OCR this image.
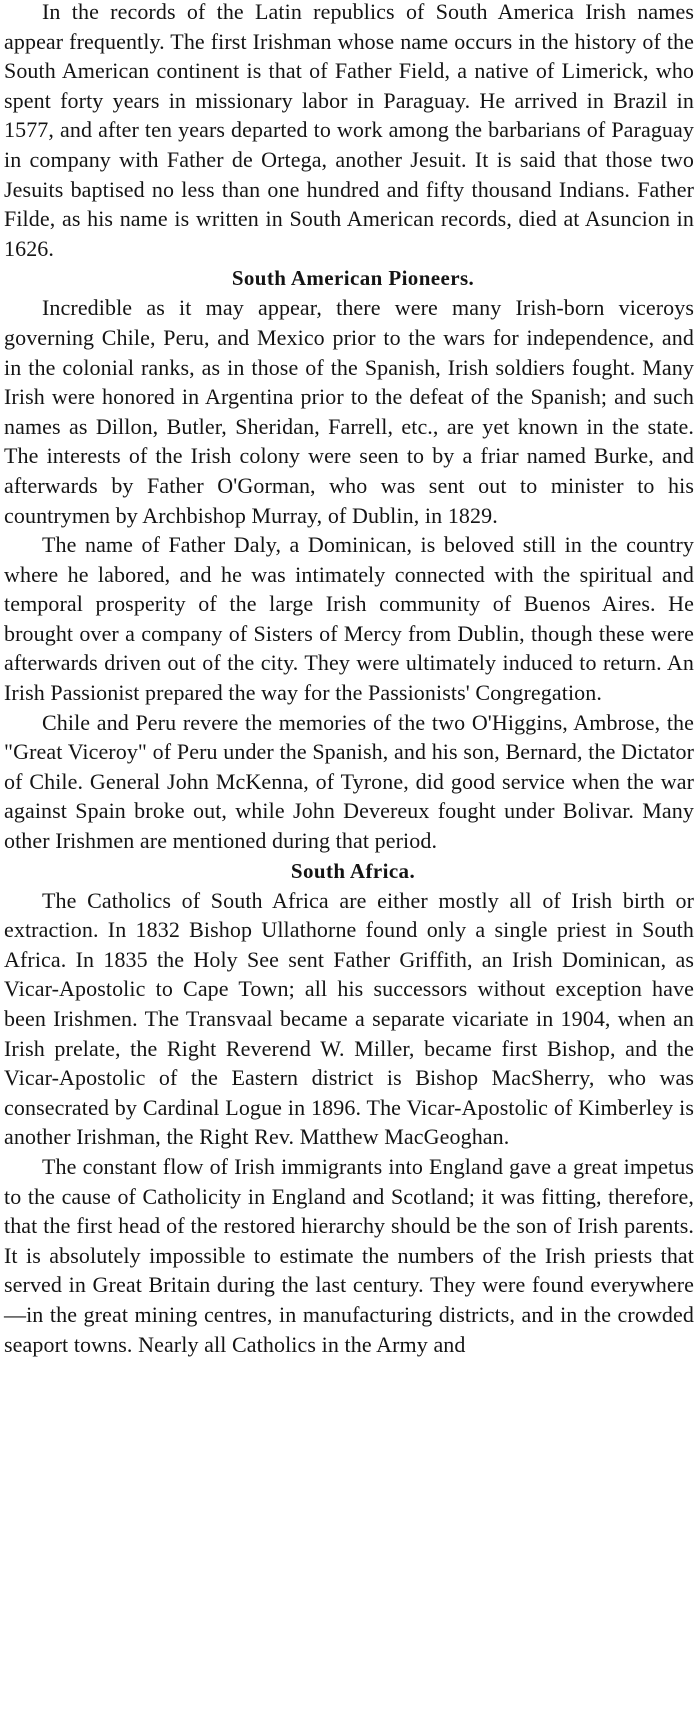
In the records of the Latin republics of South America Irish names appear frequently. The first Irishman whose name occurs in the history of the South American continent is that of Father Field, a native of Limerick, who spent forty years in missionary labor in Paraguay. He arrived in Brazil in 1577, and after ten years departed to work among the barbarians of Paraguay in company with Father de Ortega, another Jesuit. It is said that those two Jesuits baptised no less than one hundred and fifty thousand Indians. Father Filde, as his name is written in South American records, died at Asuncion in 1626.

South American Pioneers.

Incredible as it may appear, there were many Irish-born viceroys governing Chile, Peru, and Mexico prior to the wars for independence, and in the colonial ranks, as in those of the Spanish, Irish soldiers fought. Many Irish were honored in Argentina prior to the defeat of the Spanish; and such names as Dillon, Butler, Sheridan, Farrell, etc., are yet known in the state. The interests of the Irish colony were seen to by a friar named Burke, and afterwards by Father O'Gorman, who was sent out to minister to his countrymen by Archbishop Murray, of Dublin, in 1829.

The name of Father Daly, a Dominican, is beloved still in the country where he labored, and he was intimately connected with the spiritual and temporal prosperity of the large Irish community of Buenos Aires. He brought over a company of Sisters of Mercy from Dublin, though these were afterwards driven out of the city. They were ultimately induced to return. An Irish Passionist prepared the way for the Passionists' Congregation.

Chile and Peru revere the memories of the two O'Higgins, Ambrose, the "Great Viceroy" of Peru under the Spanish, and his son, Bernard, the Dictator of Chile. General John McKenna, of Tyrone, did good service when the war against Spain broke out, while John Devereux fought under Bolivar. Many other Irishmen are mentioned during that period.

South Africa.

The Catholics of South Africa are either mostly all of Irish birth or extraction. In 1832 Bishop Ullathorne found only a single priest in South Africa. In 1835 the Holy See sent Father Griffith, an Irish Dominican, as Vicar-Apostolic to Cape Town; all his successors without exception have been Irishmen. The Transvaal became a separate vicariate in 1904, when an Irish prelate, the Right Reverend W. Miller, became first Bishop, and the Vicar-Apostolic of the Eastern district is Bishop MacSherry, who was consecrated by Cardinal Logue in 1896. The Vicar-Apostolic of Kimberley is another Irishman, the Right Rev. Matthew MacGeoghan.

The constant flow of Irish immigrants into England gave a great impetus to the cause of Catholicity in England and Scotland; it was fitting, therefore, that the first head of the restored hierarchy should be the son of Irish parents. It is absolutely impossible to estimate the numbers of the Irish priests that served in Great Britain during the last century. They were found everywhere—in the great mining centres, in manufacturing districts, and in the crowded seaport towns. Nearly all Catholics in the Army and
